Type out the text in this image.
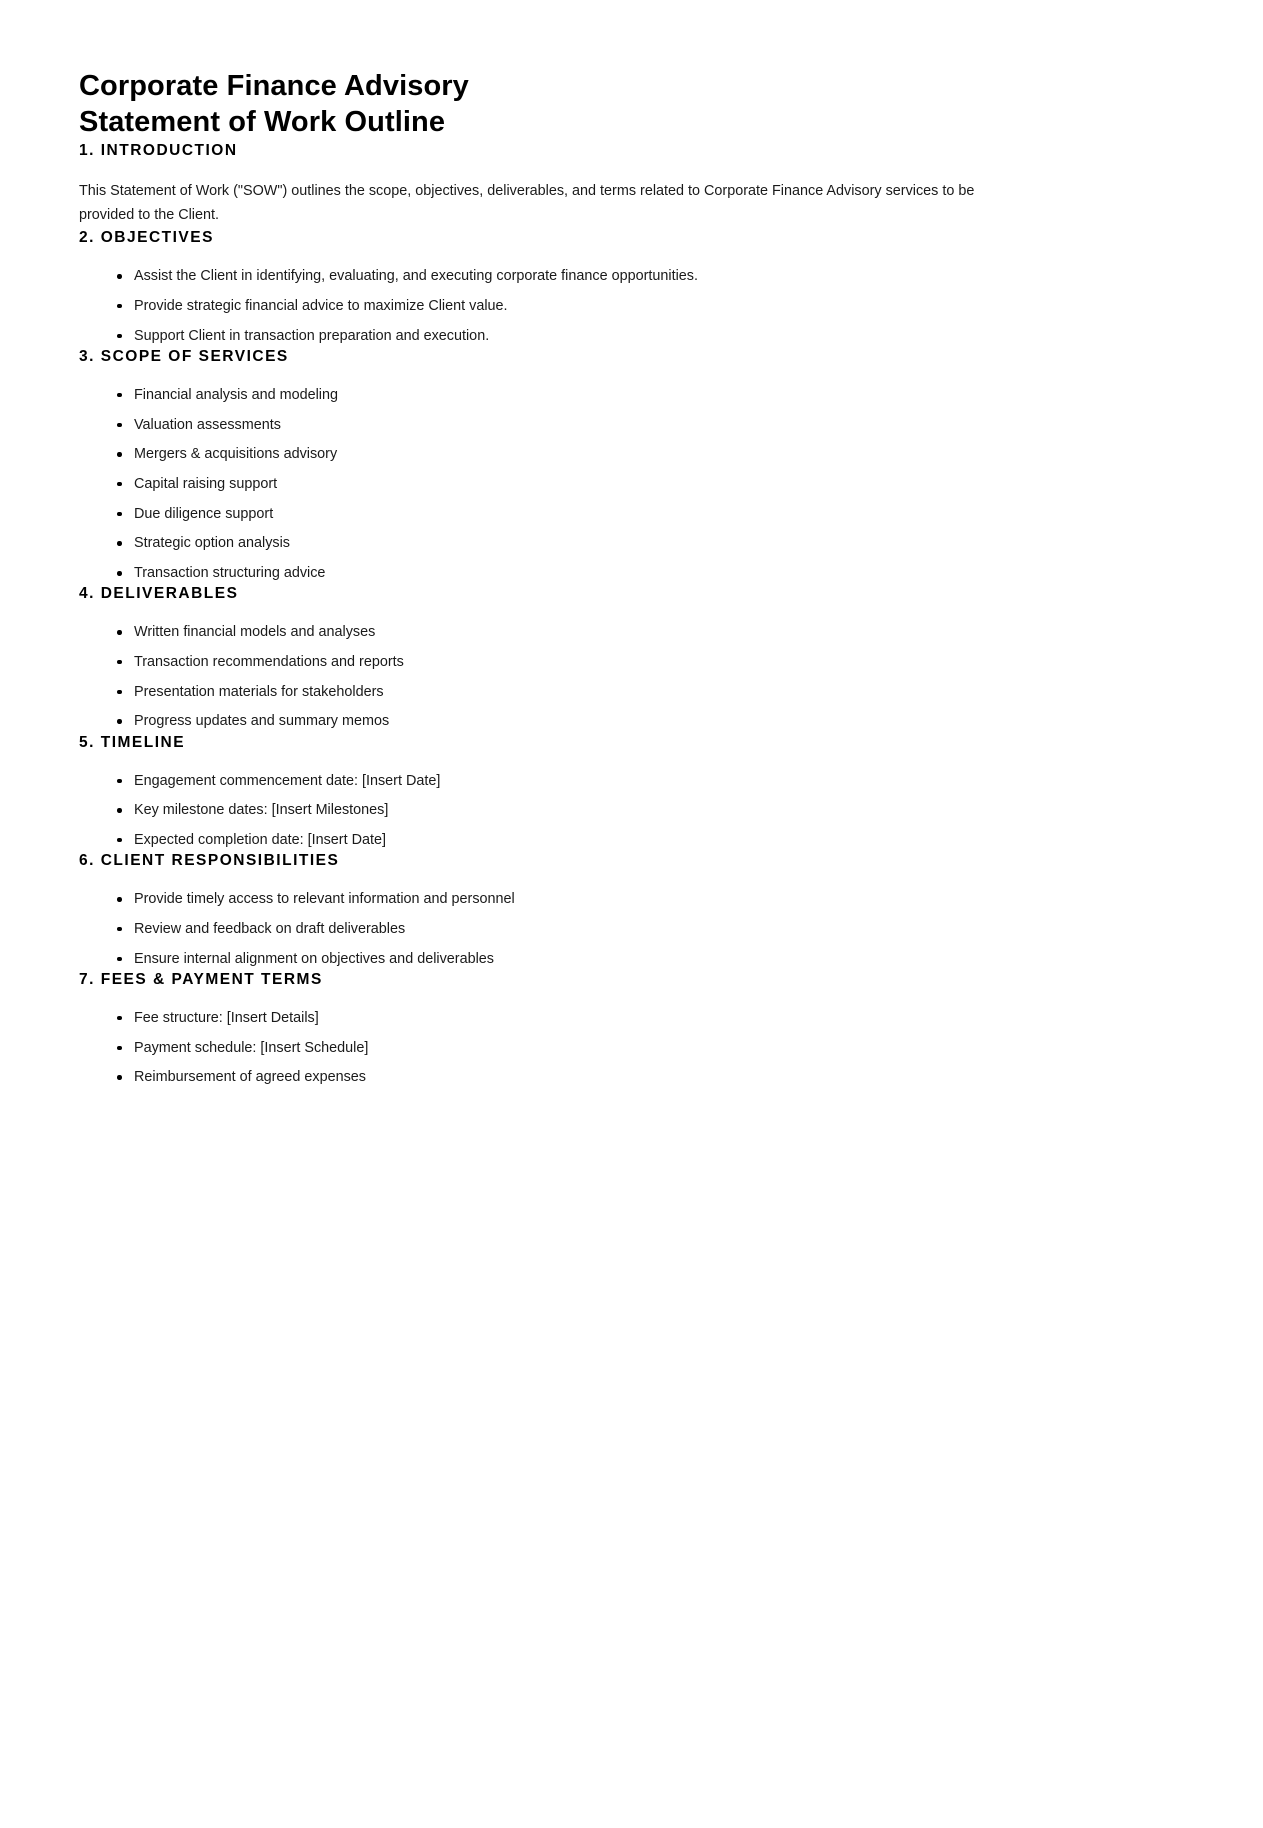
Corporate Finance Advisory
Statement of Work Outline
1. INTRODUCTION

This Statement of Work ("SOW") outlines the scope, objectives, deliverables, and terms related to Corporate Finance Advisory services to be provided to the Client.

2. OBJECTIVES
Assist the Client in identifying, evaluating, and executing corporate finance opportunities.
Provide strategic financial advice to maximize Client value.
Support Client in transaction preparation and execution.
3. SCOPE OF SERVICES
Financial analysis and modeling
Valuation assessments
Mergers & acquisitions advisory
Capital raising support
Due diligence support
Strategic option analysis
Transaction structuring advice
4. DELIVERABLES
Written financial models and analyses
Transaction recommendations and reports
Presentation materials for stakeholders
Progress updates and summary memos
5. TIMELINE
Engagement commencement date: [Insert Date]
Key milestone dates: [Insert Milestones]
Expected completion date: [Insert Date]
6. CLIENT RESPONSIBILITIES
Provide timely access to relevant information and personnel
Review and feedback on draft deliverables
Ensure internal alignment on objectives and deliverables
7. FEES & PAYMENT TERMS
Fee structure: [Insert Details]
Payment schedule: [Insert Schedule]
Reimbursement of agreed expenses
